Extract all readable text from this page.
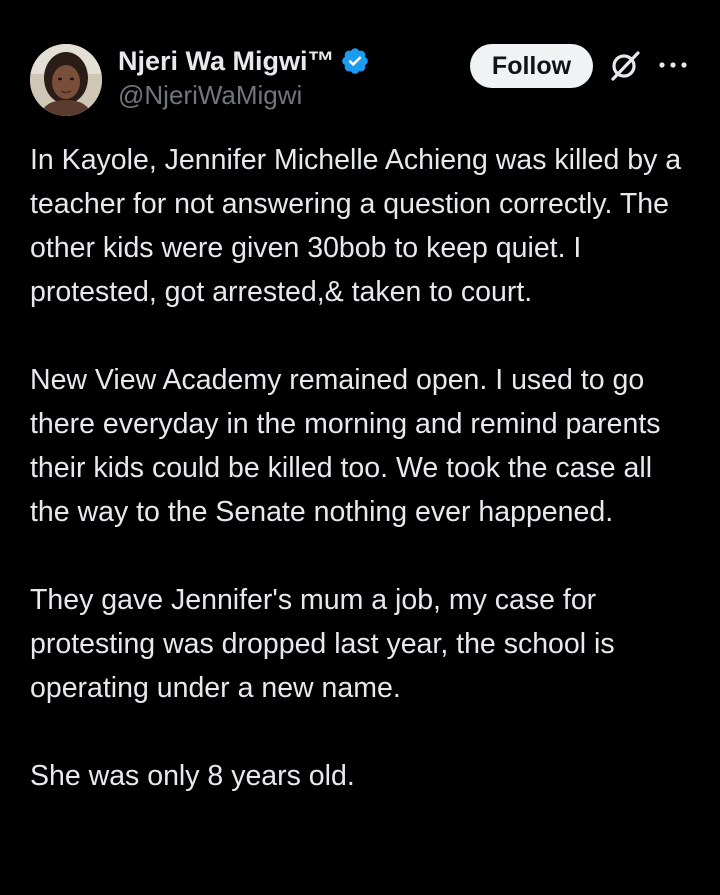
Njeri Wa Migwi™
@NjeriWaMigwi
Follow

In Kayole, Jennifer Michelle Achieng was killed by a teacher for not answering a question correctly. The other kids were given 30bob to keep quiet. I protested, got arrested,& taken to court.

New View Academy remained open. I used to go there everyday in the morning and remind parents their kids could be killed too. We took the case all the way to the Senate nothing ever happened.

They gave Jennifer's mum a job, my case for protesting was dropped last year, the school is operating under a new name.

She was only 8 years old.
